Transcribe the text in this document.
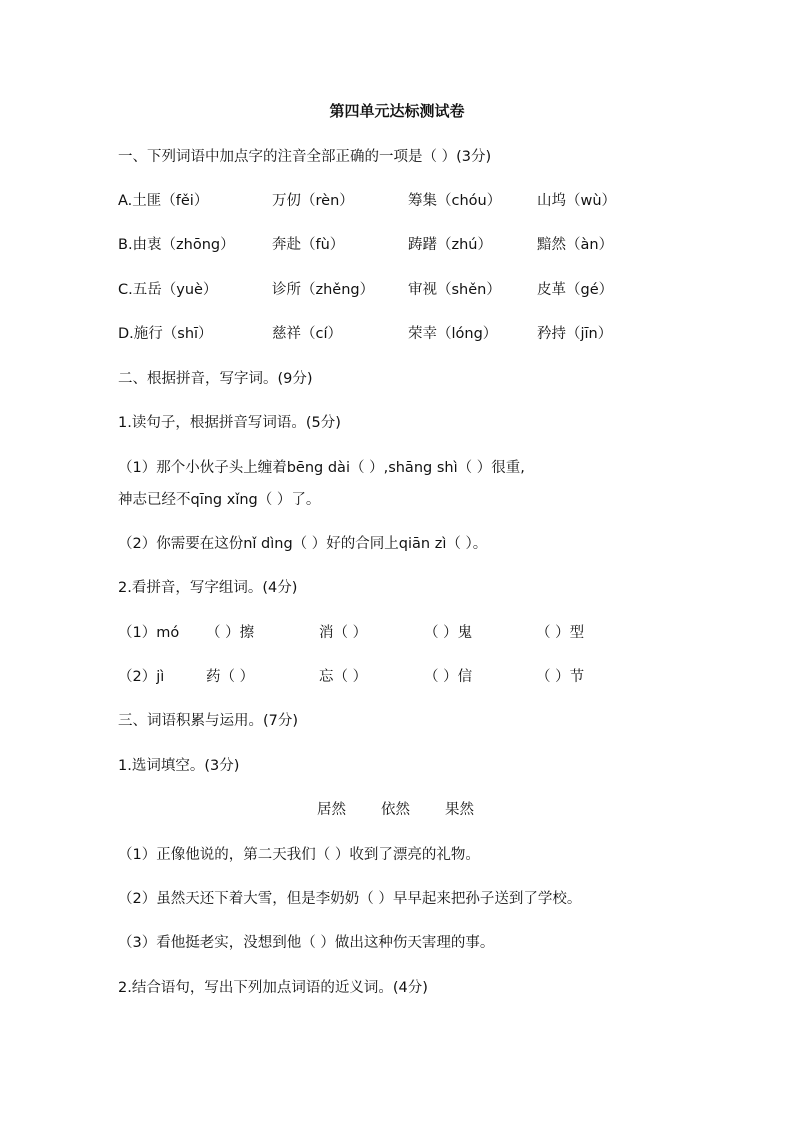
第四单元达标测试卷
一、下列词语中加点字的注音全部正确的一项是（ ）(3分)
A.土匪（fěi）	万仞（rèn）	筹集（chóu） 山坞（wù）
B.由衷（zhōng）	奔赴（fù）	踌躇（zhú）	黯然（àn）
C.五岳（yuè）	诊所（zhěng） 审视（shěn） 皮革（gé）
D.施行（shī）	慈祥（cí）	荣幸（lóng）	矜持（jīn）
二、根据拼音，写字词。(9分)
1.读句子，根据拼音写词语。(5分)
（1）那个小伙子头上缠着bēng dài（ ）,shāng shì（ ）很重,
神志已经不qīng xǐng（ ）了。
（2）你需要在这份nǐ dìng（ ）好的合同上qiān zì（ ）。
2.看拼音，写字组词。(4分)
（1）mó （ ）擦	消（ ）	（ ）鬼	（ ）型
（2）jì	药（ ）	忘（ ）	（ ）信	（ ）节
三、词语积累与运用。(7分)
1.选词填空。(3分)
居然 依然 果然
（1）正像他说的，第二天我们（ ）收到了漂亮的礼物。
（2）虽然天还下着大雪，但是李奶奶（ ）早早起来把孙子送到了学校。
（3）看他挺老实，没想到他（ ）做出这种伤天害理的事。
2.结合语句，写出下列加点词语的近义词。(4分)
